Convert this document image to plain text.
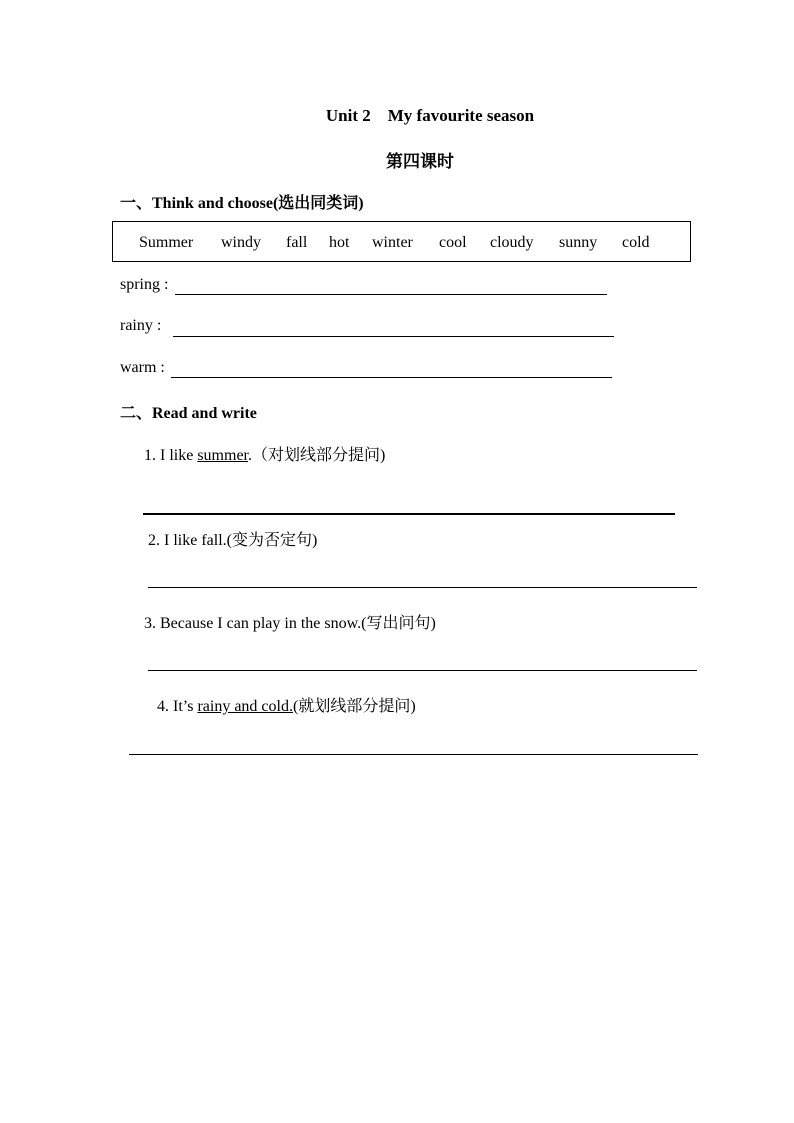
Unit 2    My favourite season
第四课时
一、Think and choose(选出同类词)
Summer windy fall hot winter cool cloudy sunny cold
spring :
rainy :
warm :
二、Read and write
1. I like summer.（对划线部分提问)
2. I like fall.(变为否定句)
3. Because I can play in the snow.(写出问句)
4. It’s rainy and cold.(就划线部分提问)
